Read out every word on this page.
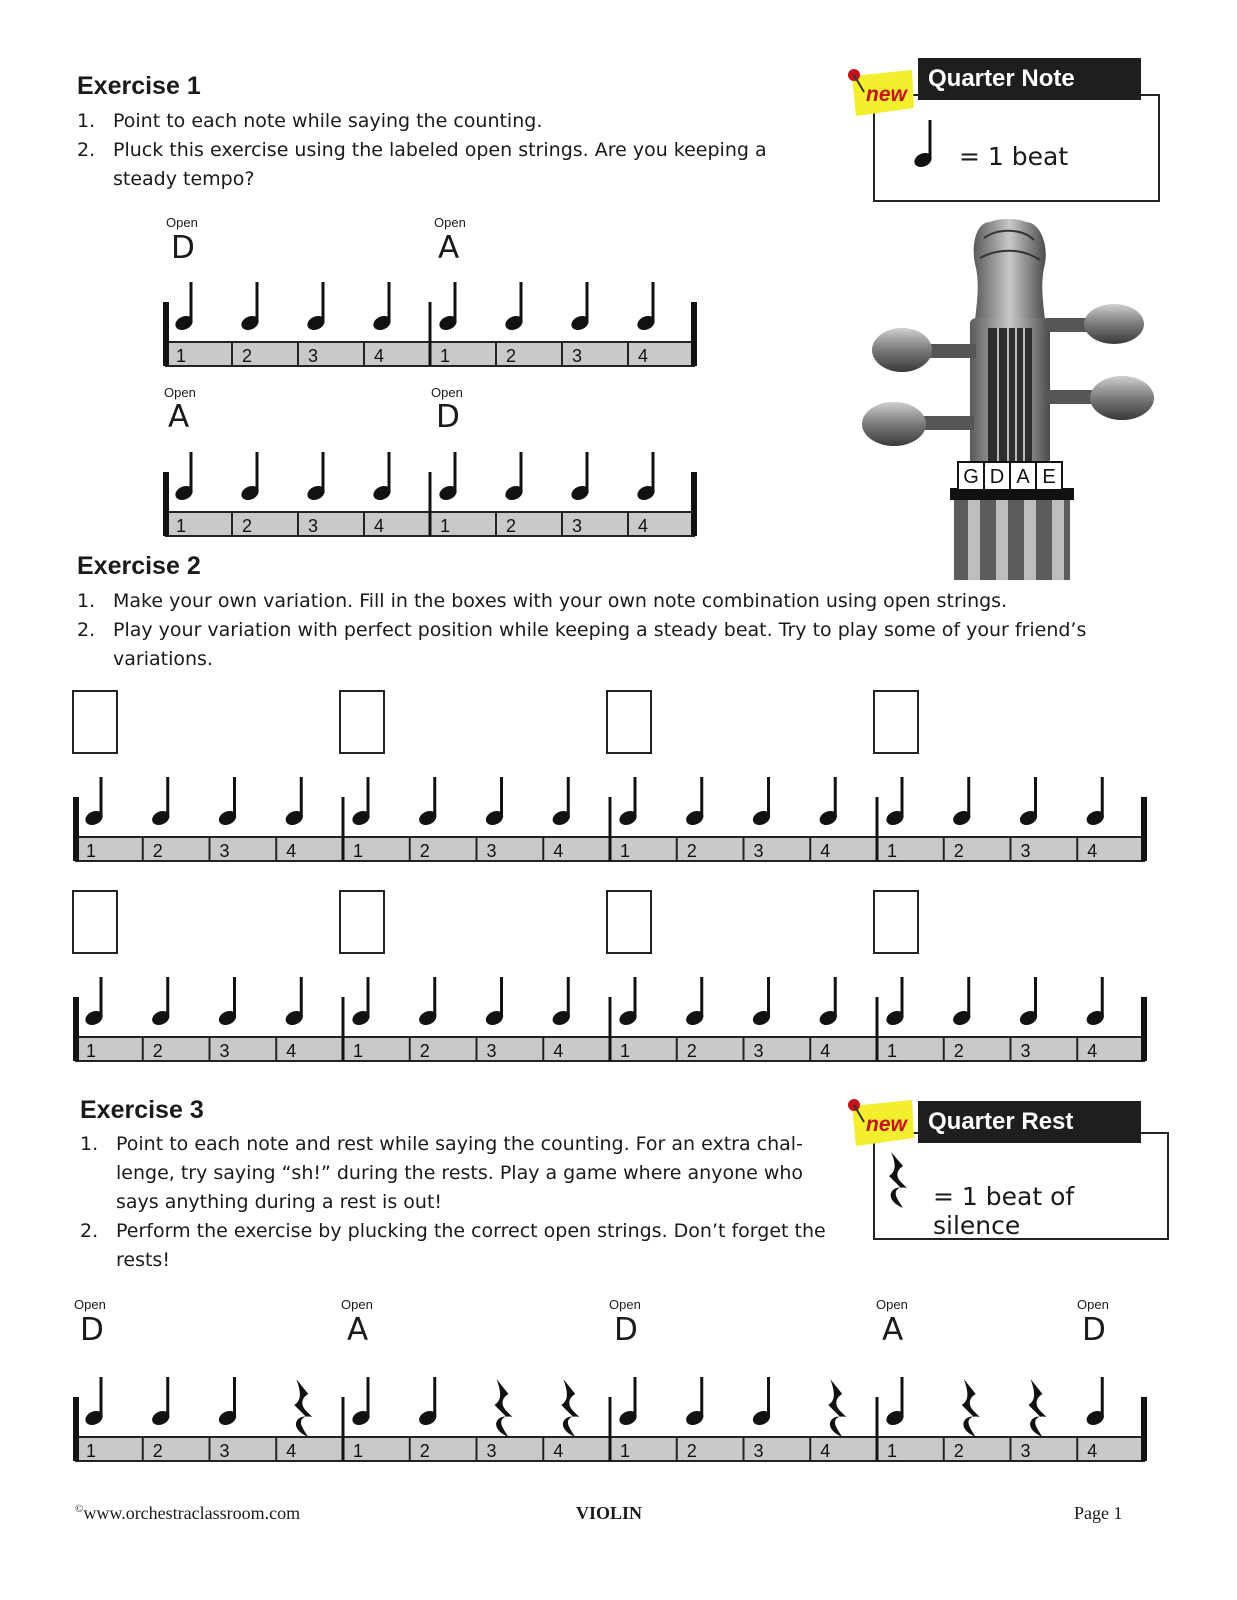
Exercise 1
1. Point to each note while saying the counting.
2. Pluck this exercise using the labeled open strings. Are you keeping a steady tempo?
Open
D
Open
A
1	2	3	4	1	2	3	4
Open
A
Open
D
1	2	3	4	1	2	3	4
= 1 beat
Quarter Note
new
G D A E
Exercise 2
1. Make your own variation. Fill in the boxes with your own note combination using open strings.
2. Play your variation with perfect position while keeping a steady beat. Try to play some of your friend’s variations.
1	2	3	4	1	2	3	4	1	2	3	4	1	2	3	4
1	2	3	4	1	2	3	4	1	2	3	4	1	2	3	4
Exercise 3
1. Point to each note and rest while saying the counting. For an extra chal-lenge, try saying “sh!” during the rests. Play a game where anyone who says anything during a rest is out!
2. Perform the exercise by plucking the correct open strings. Don’t forget the rests!
= 1 beat of silence
Quarter Rest
new
Open
D
Open
A
Open
D
Open
A
Open
D
1	2	3	4	1	2	3	4	1	2	3	4	1	2	3	4
©www.orchestraclassroom.com	VIOLIN	Page 1
